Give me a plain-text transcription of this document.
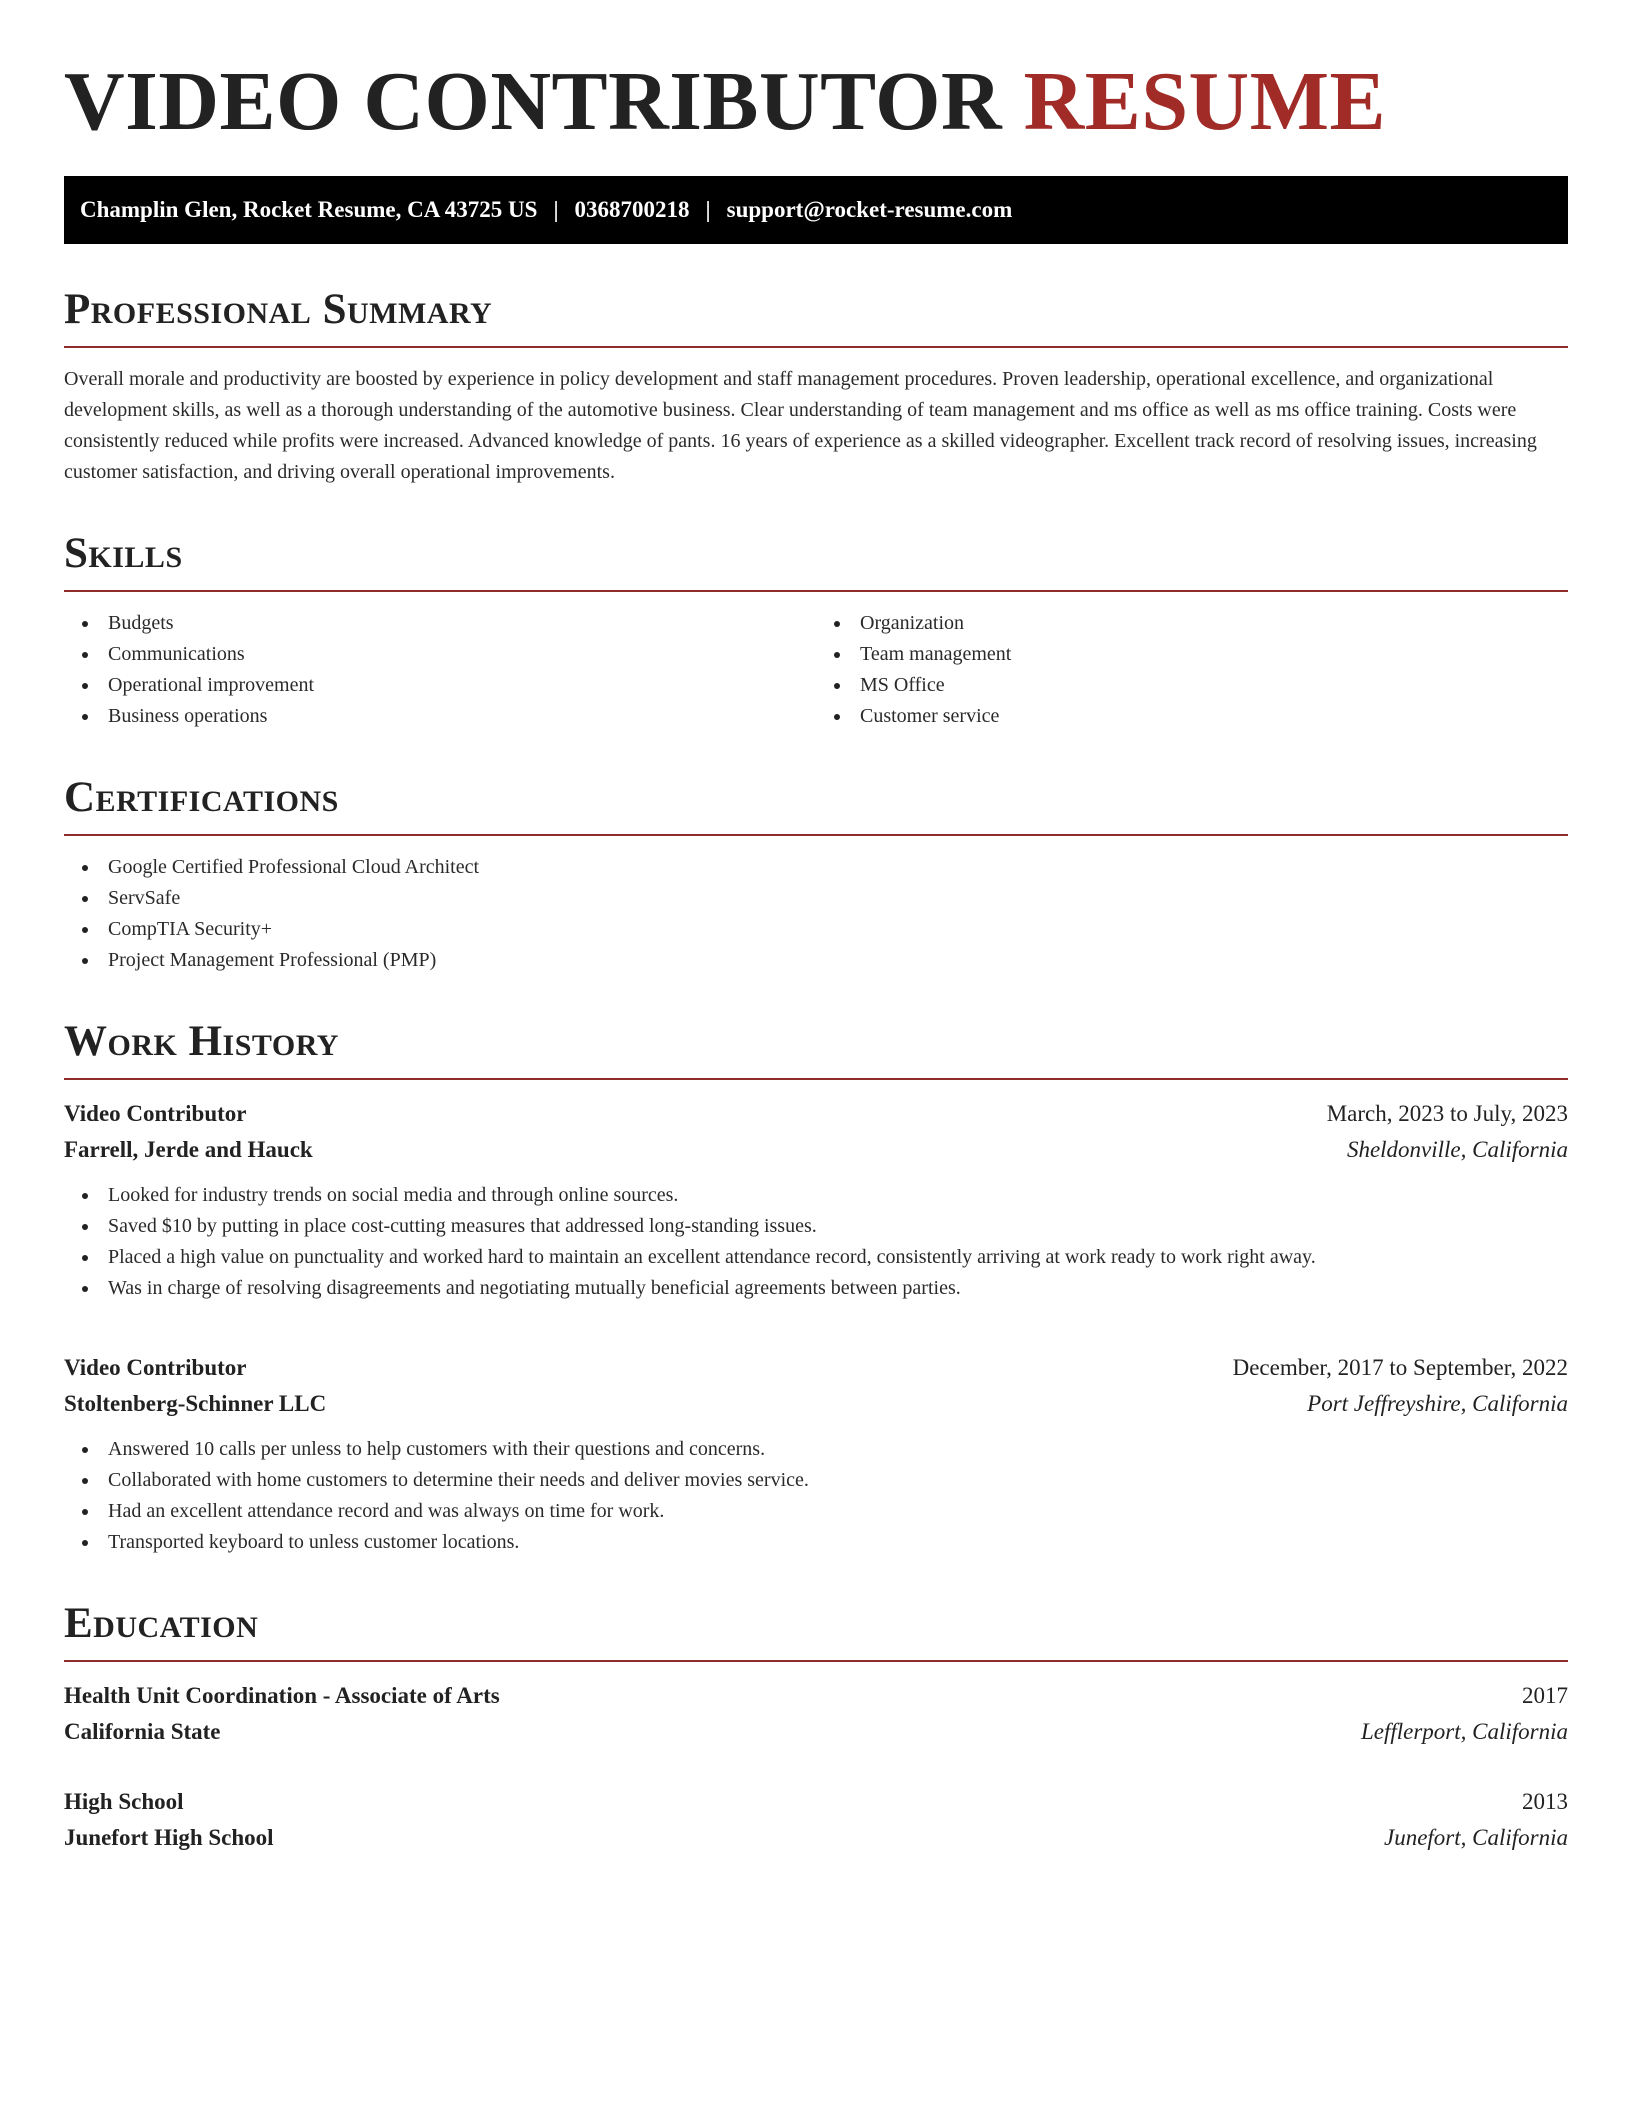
VIDEO CONTRIBUTOR RESUME
Champlin Glen, Rocket Resume, CA 43725 US | 0368700218 | support@rocket-resume.com
Professional Summary

Overall morale and productivity are boosted by experience in policy development and staff management procedures. Proven leadership, operational excellence, and organizational development skills, as well as a thorough understanding of the automotive business. Clear understanding of team management and ms office as well as ms office training. Costs were consistently reduced while profits were increased. Advanced knowledge of pants. 16 years of experience as a skilled videographer. Excellent track record of resolving issues, increasing customer satisfaction, and driving overall operational improvements.

Skills
Budgets
Communications
Operational improvement
Business operations
Organization
Team management
MS Office
Customer service
Certifications
Google Certified Professional Cloud Architect
ServSafe
CompTIA Security+
Project Management Professional (PMP)
Work History
Video Contributor	March, 2023 to July, 2023
Farrell, Jerde and Hauck	Sheldonville, California
Looked for industry trends on social media and through online sources.
Saved $10 by putting in place cost-cutting measures that addressed long-standing issues.
Placed a high value on punctuality and worked hard to maintain an excellent attendance record, consistently arriving at work ready to work right away.
Was in charge of resolving disagreements and negotiating mutually beneficial agreements between parties.
Video Contributor	December, 2017 to September, 2022
Stoltenberg-Schinner LLC	Port Jeffreyshire, California
Answered 10 calls per unless to help customers with their questions and concerns.
Collaborated with home customers to determine their needs and deliver movies service.
Had an excellent attendance record and was always on time for work.
Transported keyboard to unless customer locations.
Education
Health Unit Coordination - Associate of Arts	2017
California State	Lefflerport, California
High School	2013
Junefort High School	Junefort, California
